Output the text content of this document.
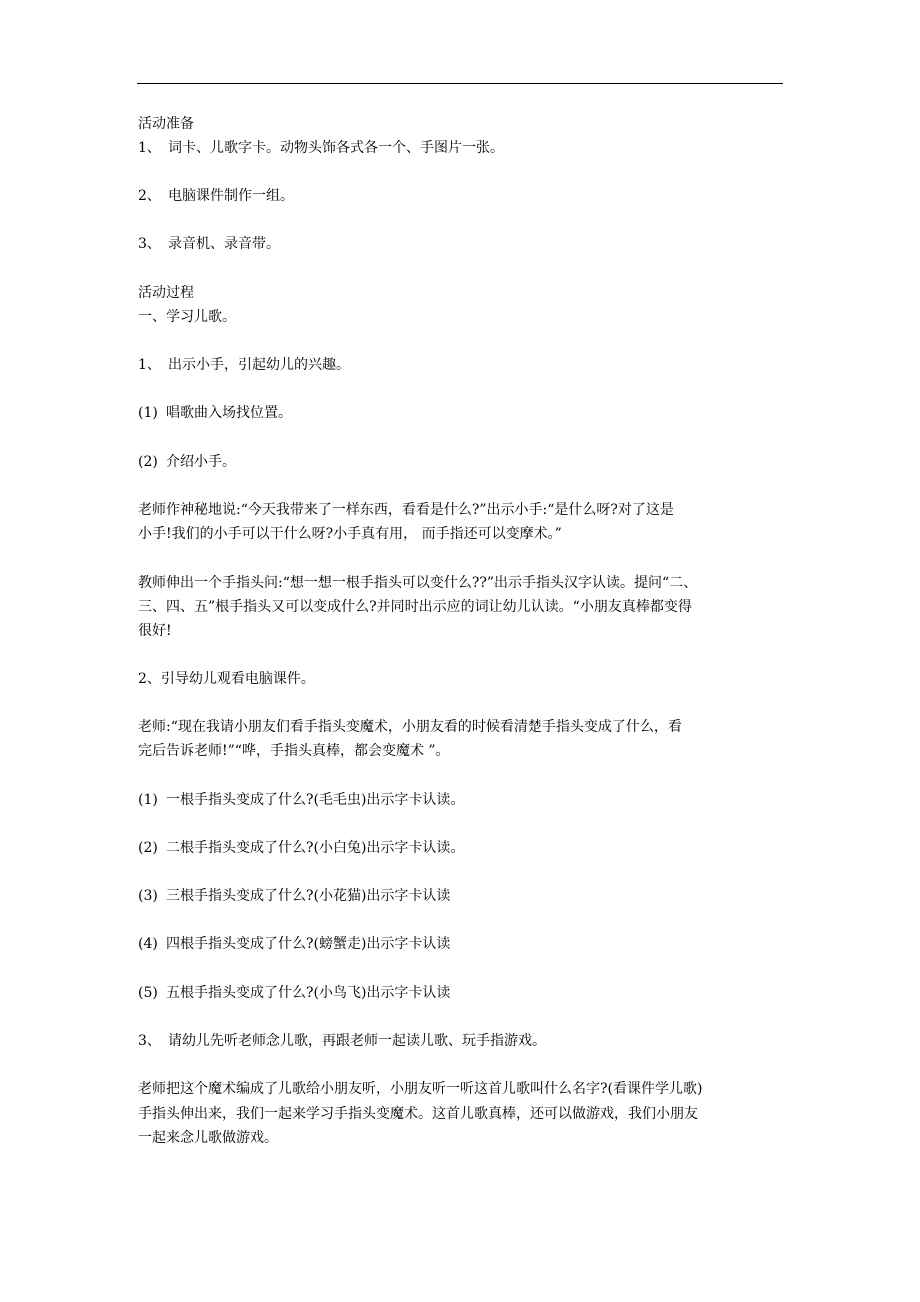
活动准备
1、 词卡、儿歌字卡。动物头饰各式各一个、手图片一张。
2、 电脑课件制作一组。
3、 录音机、录音带。
活动过程
一、学习儿歌。
1、 出示小手，引起幼儿的兴趣。
(1) 唱歌曲入场找位置。
(2) 介绍小手。
老师作神秘地说:“今天我带来了一样东西，看看是什么?”出示小手:“是什么呀?对了这是
小手!我们的小手可以干什么呀?小手真有用， 而手指还可以变摩术。”
教师伸出一个手指头问:“想一想一根手指头可以变什么??”出示手指头汉字认读。提问“二、
三、四、五”根手指头又可以变成什么?并同时出示应的词让幼儿认读。“小朋友真棒都变得
很好!
2、引导幼儿观看电脑课件。
老师:“现在我请小朋友们看手指头变魔术，小朋友看的时候看清楚手指头变成了什么，看
完后告诉老师!”“哗，手指头真棒，都会变魔术 ”。
(1) 一根手指头变成了什么?(毛毛虫)出示字卡认读。
(2) 二根手指头变成了什么?(小白兔)出示字卡认读。
(3) 三根手指头变成了什么?(小花猫)出示字卡认读
(4) 四根手指头变成了什么?(螃蟹走)出示字卡认读
(5) 五根手指头变成了什么?(小鸟飞)出示字卡认读
3、 请幼儿先听老师念儿歌，再跟老师一起读儿歌、玩手指游戏。
老师把这个魔术编成了儿歌给小朋友听，小朋友听一听这首儿歌叫什么名字?(看课件学儿歌)
手指头伸出来，我们一起来学习手指头变魔术。这首儿歌真棒，还可以做游戏，我们小朋友
一起来念儿歌做游戏。
